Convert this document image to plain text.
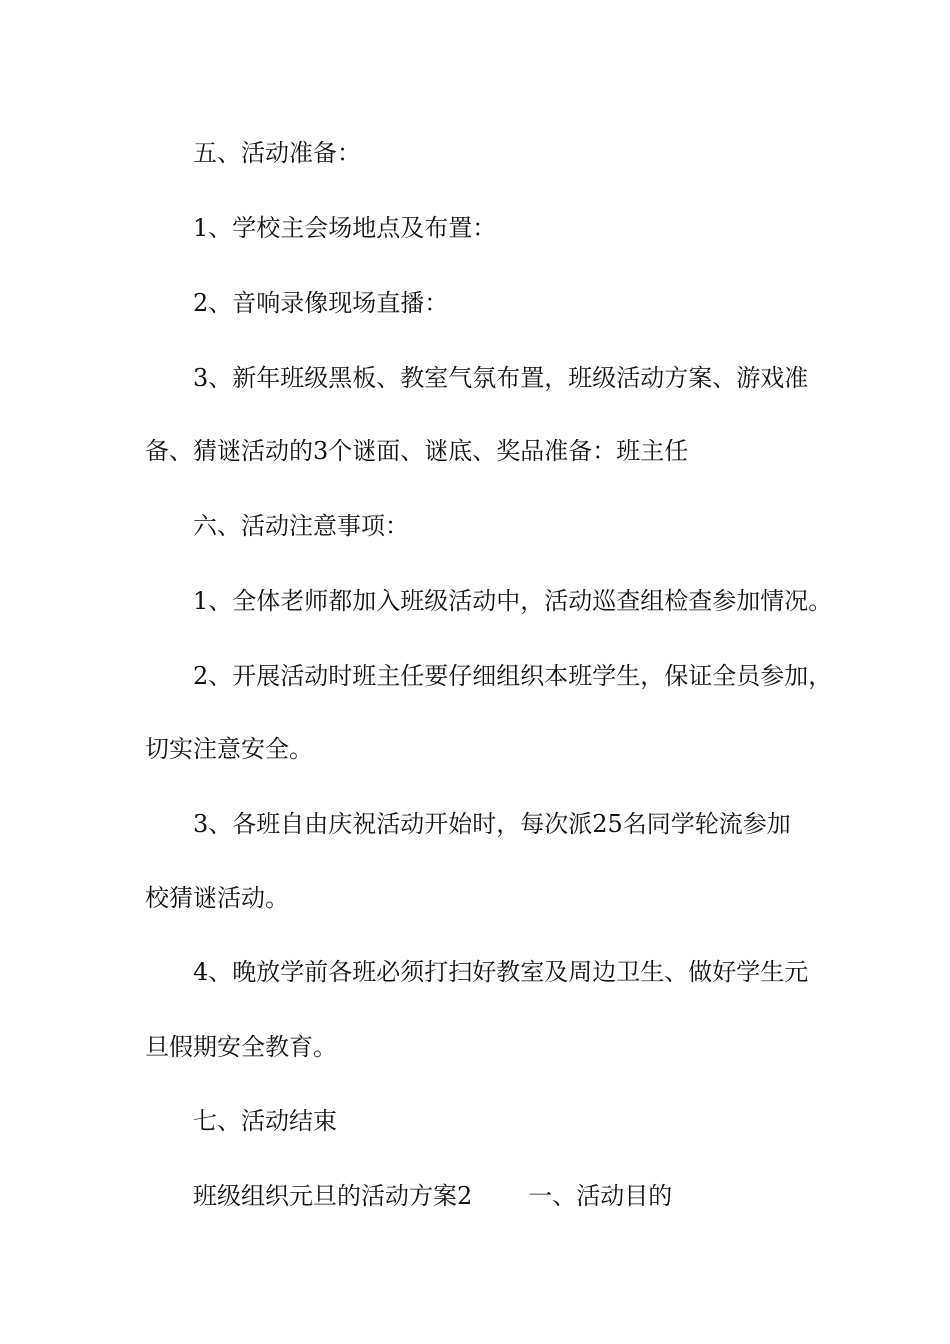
五、活动准备：
1、学校主会场地点及布置：
2、音响录像现场直播：
3、新年班级黑板、教室气氛布置，班级活动方案、游戏准
备、猜谜活动的3个谜面、谜底、奖品准备：班主任
六、活动注意事项：
1、全体老师都加入班级活动中，活动巡查组检查参加情况。
2、开展活动时班主任要仔细组织本班学生，保证全员参加，
切实注意安全。
3、各班自由庆祝活动开始时，每次派25名同学轮流参加
校猜谜活动。
4、晚放学前各班必须打扫好教室及周边卫生、做好学生元
旦假期安全教育。
七、活动结束
班级组织元旦的活动方案2 一、活动目的
